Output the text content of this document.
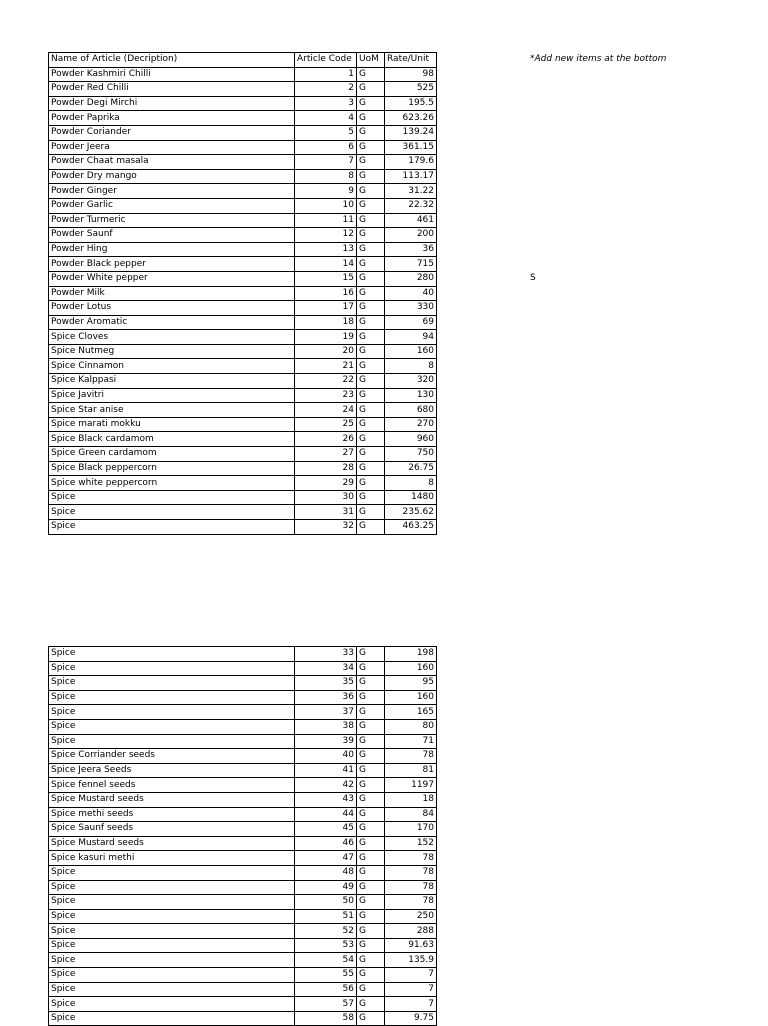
Name of Article (Decription)	Article Code	UoM	Rate/Unit
Powder Kashmiri Chilli	1	G	98
Powder Red Chilli	2	G	525
Powder Degi Mirchi	3	G	195.5
Powder Paprika	4	G	623.26
Powder Coriander	5	G	139.24
Powder Jeera	6	G	361.15
Powder Chaat masala	7	G	179.6
Powder Dry mango	8	G	113.17
Powder Ginger	9	G	31.22
Powder Garlic	10	G	22.32
Powder Turmeric	11	G	461
Powder Saunf	12	G	200
Powder Hing	13	G	36
Powder Black pepper	14	G	715
Powder White pepper	15	G	280
Powder Milk	16	G	40
Powder Lotus	17	G	330
Powder Aromatic	18	G	69
Spice Cloves	19	G	94
Spice Nutmeg	20	G	160
Spice Cinnamon	21	G	8
Spice Kalppasi	22	G	320
Spice Javitri	23	G	130
Spice Star anise	24	G	680
Spice marati mokku	25	G	270
Spice Black cardamom	26	G	960
Spice Green cardamom	27	G	750
Spice Black peppercorn	28	G	26.75
Spice white peppercorn	29	G	8
Spice	30	G	1480
Spice	31	G	235.62
Spice	32	G	463.25
*Add new items at the bottom
S
Spice	33	G	198
Spice	34	G	160
Spice	35	G	95
Spice	36	G	160
Spice	37	G	165
Spice	38	G	80
Spice	39	G	71
Spice Corriander seeds	40	G	78
Spice Jeera Seeds	41	G	81
Spice fennel seeds	42	G	1197
Spice Mustard seeds	43	G	18
Spice methi seeds	44	G	84
Spice Saunf seeds	45	G	170
Spice Mustard seeds	46	G	152
Spice kasuri methi	47	G	78
Spice	48	G	78
Spice	49	G	78
Spice	50	G	78
Spice	51	G	250
Spice	52	G	288
Spice	53	G	91.63
Spice	54	G	135.9
Spice	55	G	7
Spice	56	G	7
Spice	57	G	7
Spice	58	G	9.75
